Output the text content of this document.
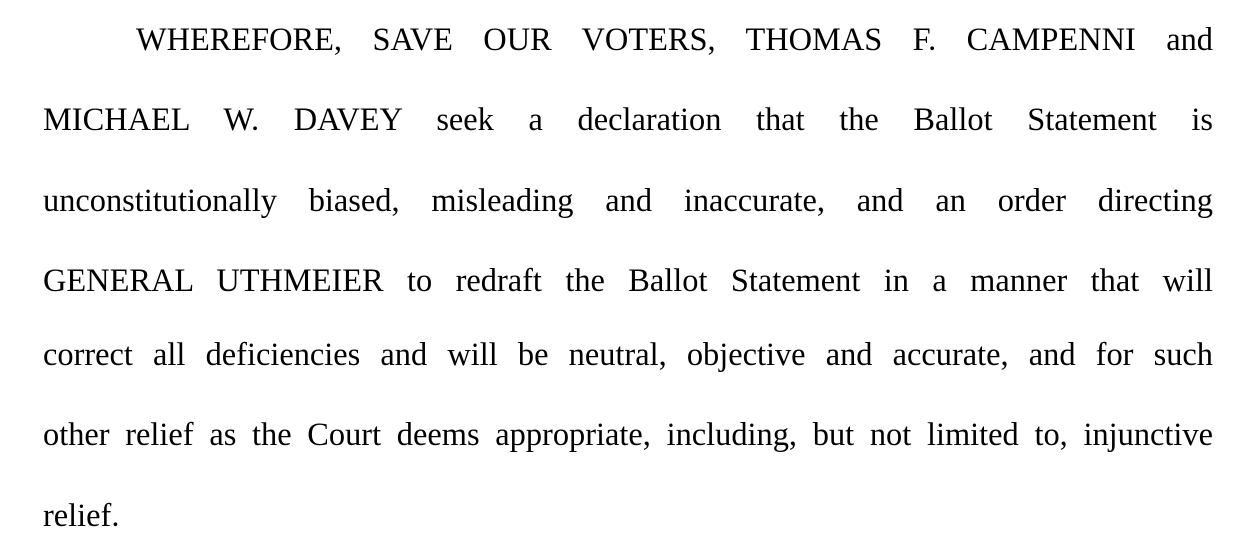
WHEREFORE, SAVE OUR VOTERS, THOMAS F. CAMPENNI and
MICHAEL W. DAVEY seek a declaration that the Ballot Statement is
unconstitutionally biased, misleading and inaccurate, and an order directing
GENERAL UTHMEIER to redraft the Ballot Statement in a manner that will
correct all deficiencies and will be neutral, objective and accurate, and for such
other relief as the Court deems appropriate, including, but not limited to, injunctive
relief.
